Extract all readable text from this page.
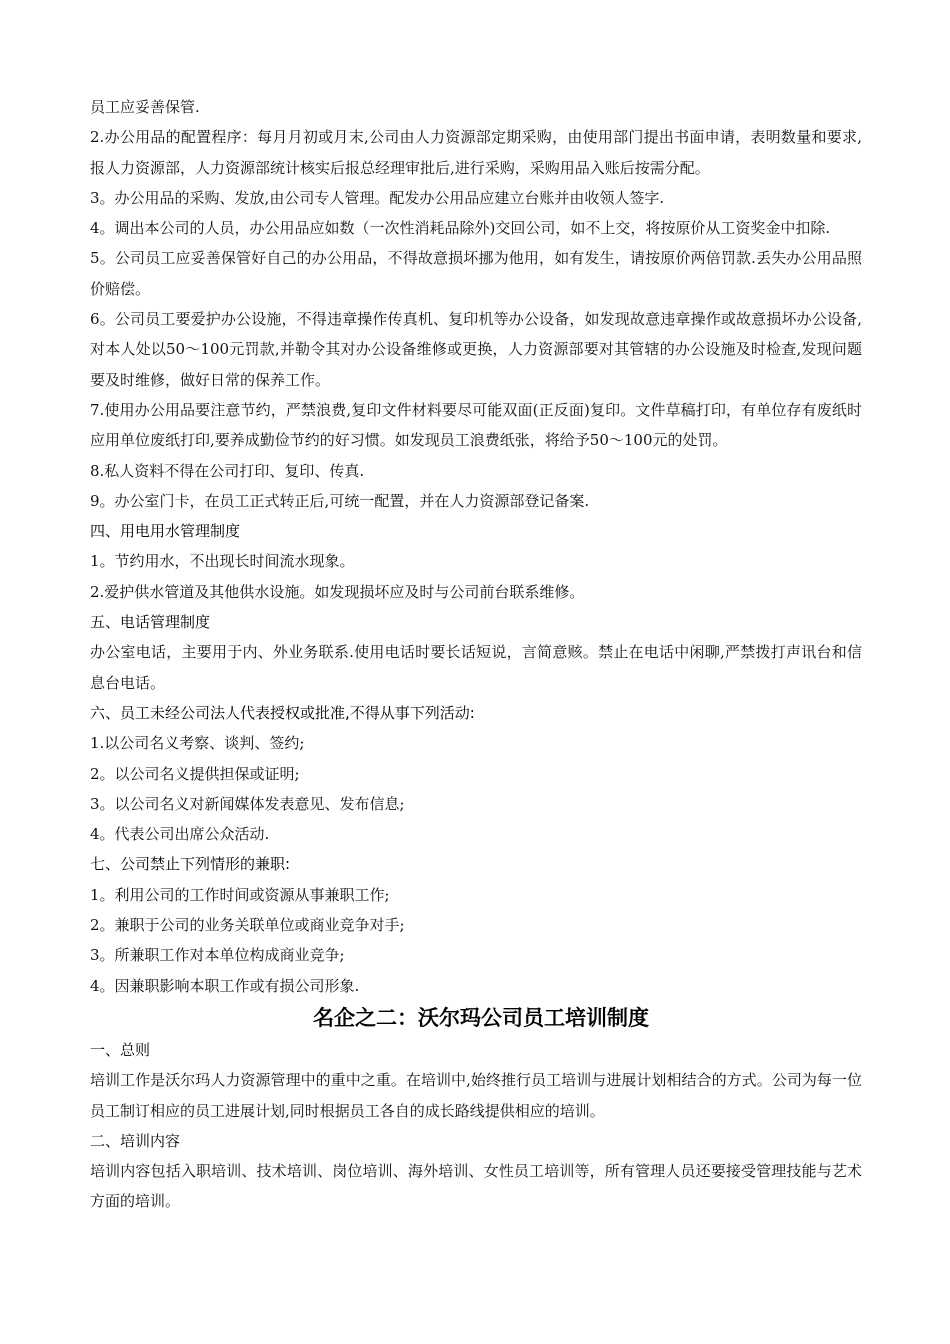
员工应妥善保管.

2.办公用品的配置程序：每月月初或月末,公司由人力资源部定期采购，由使用部门提出书面申请，表明数量和要求,报人力资源部，人力资源部统计核实后报总经理审批后,进行采购，采购用品入账后按需分配。

3。办公用品的采购、发放,由公司专人管理。配发办公用品应建立台账并由收领人签字.

4。调出本公司的人员，办公用品应如数（一次性消耗品除外)交回公司，如不上交，将按原价从工资奖金中扣除.

5。公司员工应妥善保管好自己的办公用品，不得故意损坏挪为他用，如有发生，请按原价两倍罚款.丢失办公用品照价赔偿。

6。公司员工要爱护办公设施，不得违章操作传真机、复印机等办公设备，如发现故意违章操作或故意损坏办公设备,对本人处以50～100元罚款,并勒令其对办公设备维修或更换，人力资源部要对其管辖的办公设施及时检查,发现问题要及时维修，做好日常的保养工作。

7.使用办公用品要注意节约，严禁浪费,复印文件材料要尽可能双面(正反面)复印。文件草稿打印，有单位存有废纸时应用单位废纸打印,要养成勤俭节约的好习惯。如发现员工浪费纸张，将给予50～100元的处罚。

8.私人资料不得在公司打印、复印、传真.

9。办公室门卡，在员工正式转正后,可统一配置，并在人力资源部登记备案.

四、用电用水管理制度

1。节约用水，不出现长时间流水现象。

2.爱护供水管道及其他供水设施。如发现损坏应及时与公司前台联系维修。

五、电话管理制度

办公室电话，主要用于内、外业务联系.使用电话时要长话短说，言简意赅。禁止在电话中闲聊,严禁拨打声讯台和信息台电话。

六、员工未经公司法人代表授权或批准,不得从事下列活动:

1.以公司名义考察、谈判、签约;

2。以公司名义提供担保或证明;

3。以公司名义对新闻媒体发表意见、发布信息;

4。代表公司出席公众活动.

七、公司禁止下列情形的兼职:

1。利用公司的工作时间或资源从事兼职工作;

2。兼职于公司的业务关联单位或商业竞争对手;

3。所兼职工作对本单位构成商业竞争;

4。因兼职影响本职工作或有损公司形象.

名企之二：沃尔玛公司员工培训制度
一、总则

培训工作是沃尔玛人力资源管理中的重中之重。在培训中,始终推行员工培训与进展计划相结合的方式。公司为每一位员工制订相应的员工进展计划,同时根据员工各自的成长路线提供相应的培训。

二、培训内容

培训内容包括入职培训、技术培训、岗位培训、海外培训、女性员工培训等，所有管理人员还要接受管理技能与艺术方面的培训。
